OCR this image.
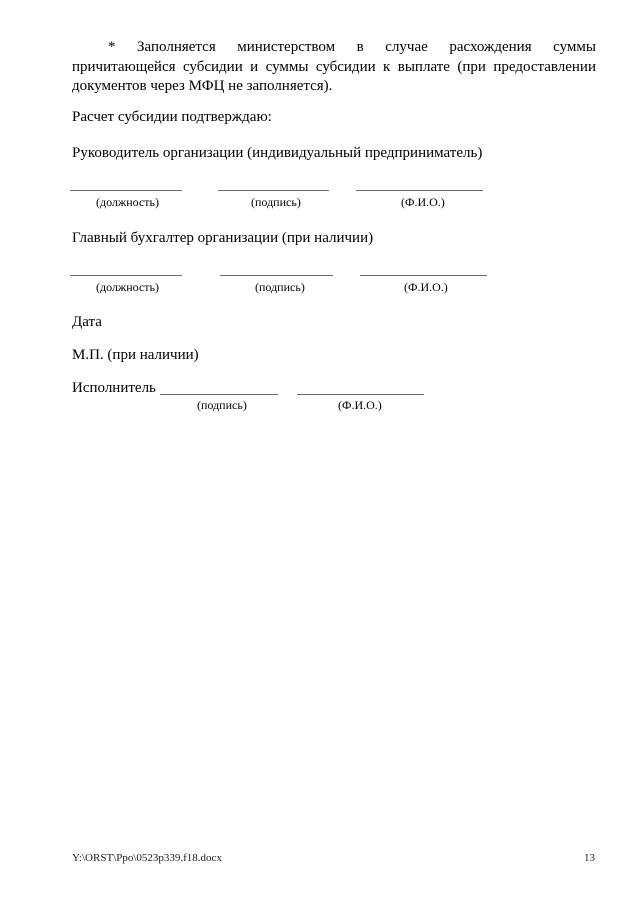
* Заполняется министерством в случае расхождения суммы
причитающейся субсидии и суммы субсидии к выплате (при предоставлении документов через МФЦ не заполняется).
Расчет субсидии подтверждаю:
Руководитель организации (индивидуальный предприниматель)
(должность)	(подпись)	(Ф.И.О.)
Главный бухгалтер организации (при наличии)
(должность)	(подпись)	(Ф.И.О.)
Дата
М.П. (при наличии)
Исполнитель
(подпись)	(Ф.И.О.)
Y:\ORST\Ppo\0523p339.f18.docx	13
